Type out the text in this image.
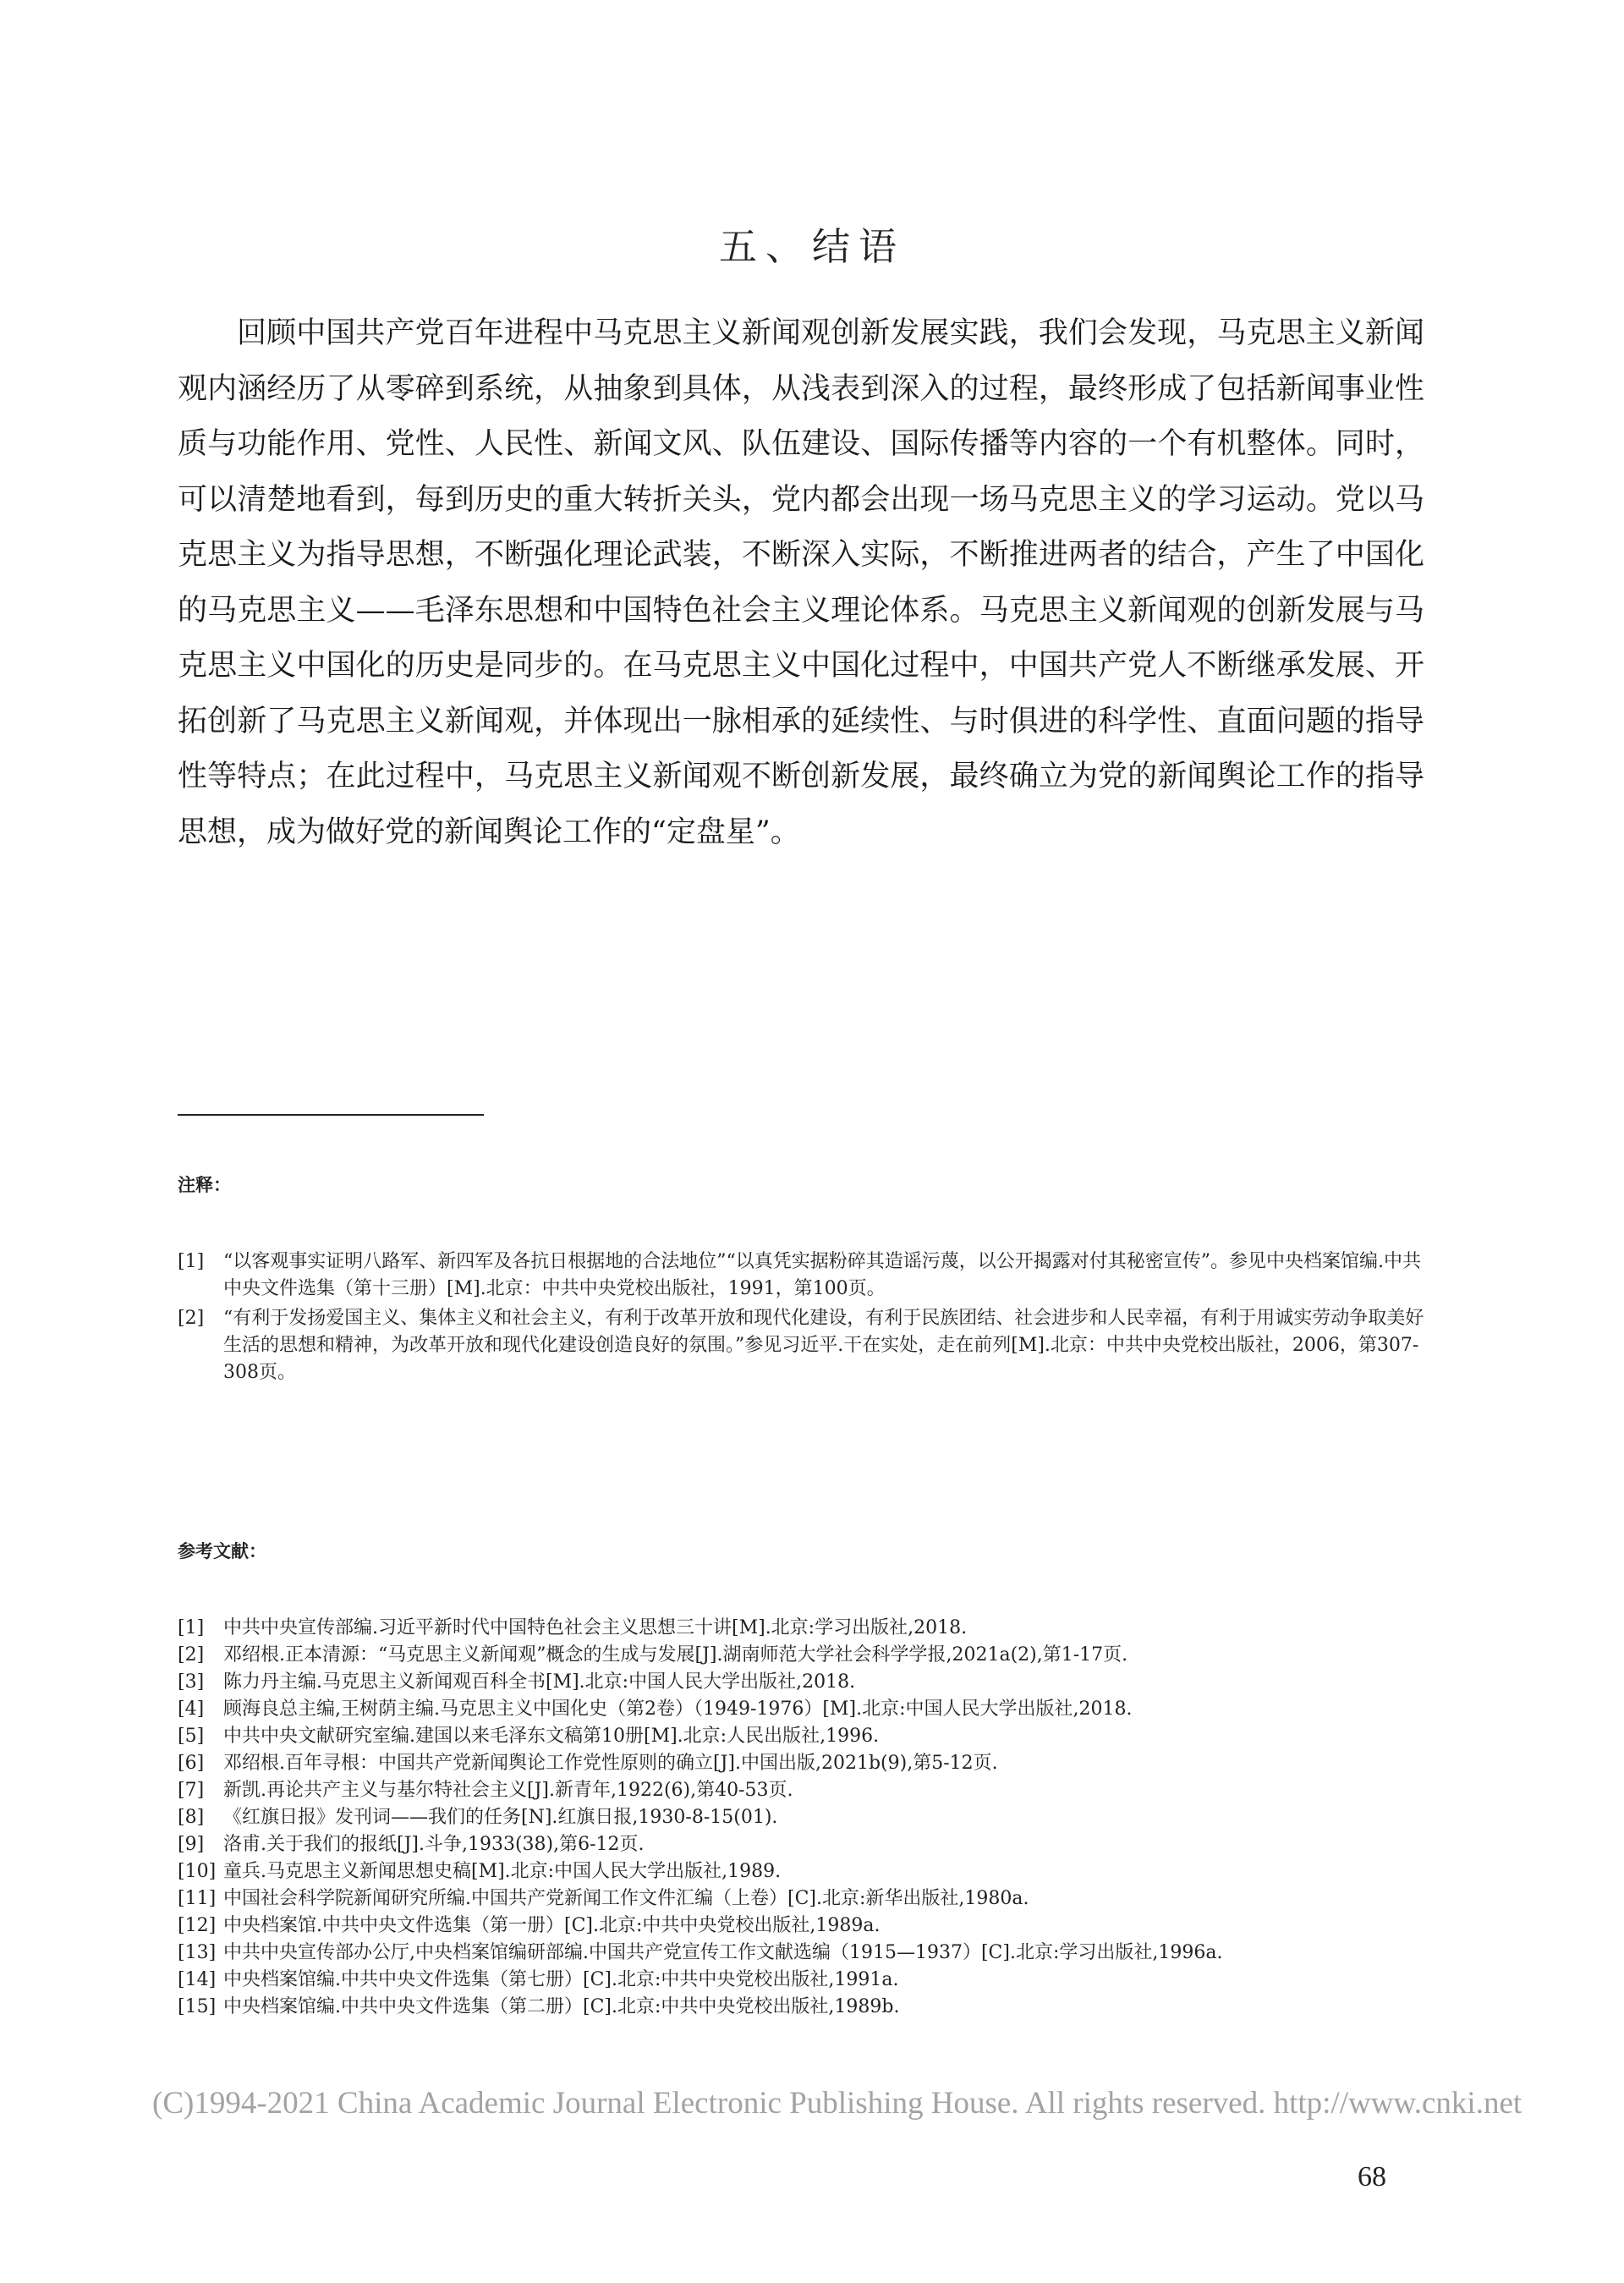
五、结语
回顾中国共产党百年进程中马克思主义新闻观创新发展实践，我们会发现，马克思主义新闻观内涵经历了从零碎到系统，从抽象到具体，从浅表到深入的过程，最终形成了包括新闻事业性质与功能作用、党性、人民性、新闻文风、队伍建设、国际传播等内容的一个有机整体。同时，可以清楚地看到，每到历史的重大转折关头，党内都会出现一场马克思主义的学习运动。党以马克思主义为指导思想，不断强化理论武装，不断深入实际，不断推进两者的结合，产生了中国化的马克思主义——毛泽东思想和中国特色社会主义理论体系。马克思主义新闻观的创新发展与马克思主义中国化的历史是同步的。在马克思主义中国化过程中，中国共产党人不断继承发展、开拓创新了马克思主义新闻观，并体现出一脉相承的延续性、与时俱进的科学性、直面问题的指导性等特点；在此过程中，马克思主义新闻观不断创新发展，最终确立为党的新闻舆论工作的指导思想，成为做好党的新闻舆论工作的“定盘星”。
注释：
[1]	“以客观事实证明八路军、新四军及各抗日根据地的合法地位”“以真凭实据粉碎其造谣污蔑，以公开揭露对付其秘密宣传”。参见中央档案馆编.中共中央文件选集（第十三册）[M].北京：中共中央党校出版社，1991，第100页。
[2]	“有利于发扬爱国主义、集体主义和社会主义，有利于改革开放和现代化建设，有利于民族团结、社会进步和人民幸福，有利于用诚实劳动争取美好生活的思想和精神，为改革开放和现代化建设创造良好的氛围。”参见习近平.干在实处，走在前列[M].北京：中共中央党校出版社，2006，第307-308页。
参考文献：
[1]	中共中央宣传部编.习近平新时代中国特色社会主义思想三十讲[M].北京:学习出版社,2018.
[2]	邓绍根.正本清源：“马克思主义新闻观”概念的生成与发展[J].湖南师范大学社会科学学报,2021a(2),第1-17页.
[3]	陈力丹主编.马克思主义新闻观百科全书[M].北京:中国人民大学出版社,2018.
[4]	顾海良总主编,王树荫主编.马克思主义中国化史（第2卷）（1949-1976）[M].北京:中国人民大学出版社,2018.
[5]	中共中央文献研究室编.建国以来毛泽东文稿第10册[M].北京:人民出版社,1996.
[6]	邓绍根.百年寻根：中国共产党新闻舆论工作党性原则的确立[J].中国出版,2021b(9),第5-12页.
[7]	新凯.再论共产主义与基尔特社会主义[J].新青年,1922(6),第40-53页.
[8]	《红旗日报》发刊词——我们的任务[N].红旗日报,1930-8-15(01).
[9]	洛甫.关于我们的报纸[J].斗争,1933(38),第6-12页.
[10] 童兵.马克思主义新闻思想史稿[M].北京:中国人民大学出版社,1989.
[11] 中国社会科学院新闻研究所编.中国共产党新闻工作文件汇编（上卷）[C].北京:新华出版社,1980a.
[12] 中央档案馆.中共中央文件选集（第一册）[C].北京:中共中央党校出版社,1989a.
[13] 中共中央宣传部办公厅,中央档案馆编研部编.中国共产党宣传工作文献选编（1915—1937）[C].北京:学习出版社,1996a.
[14] 中央档案馆编.中共中央文件选集（第七册）[C].北京:中共中央党校出版社,1991a.
[15] 中央档案馆编.中共中央文件选集（第二册）[C].北京:中共中央党校出版社,1989b.
(C)1994-2021 China Academic Journal Electronic Publishing House. All rights reserved. http://www.cnki.net
68
